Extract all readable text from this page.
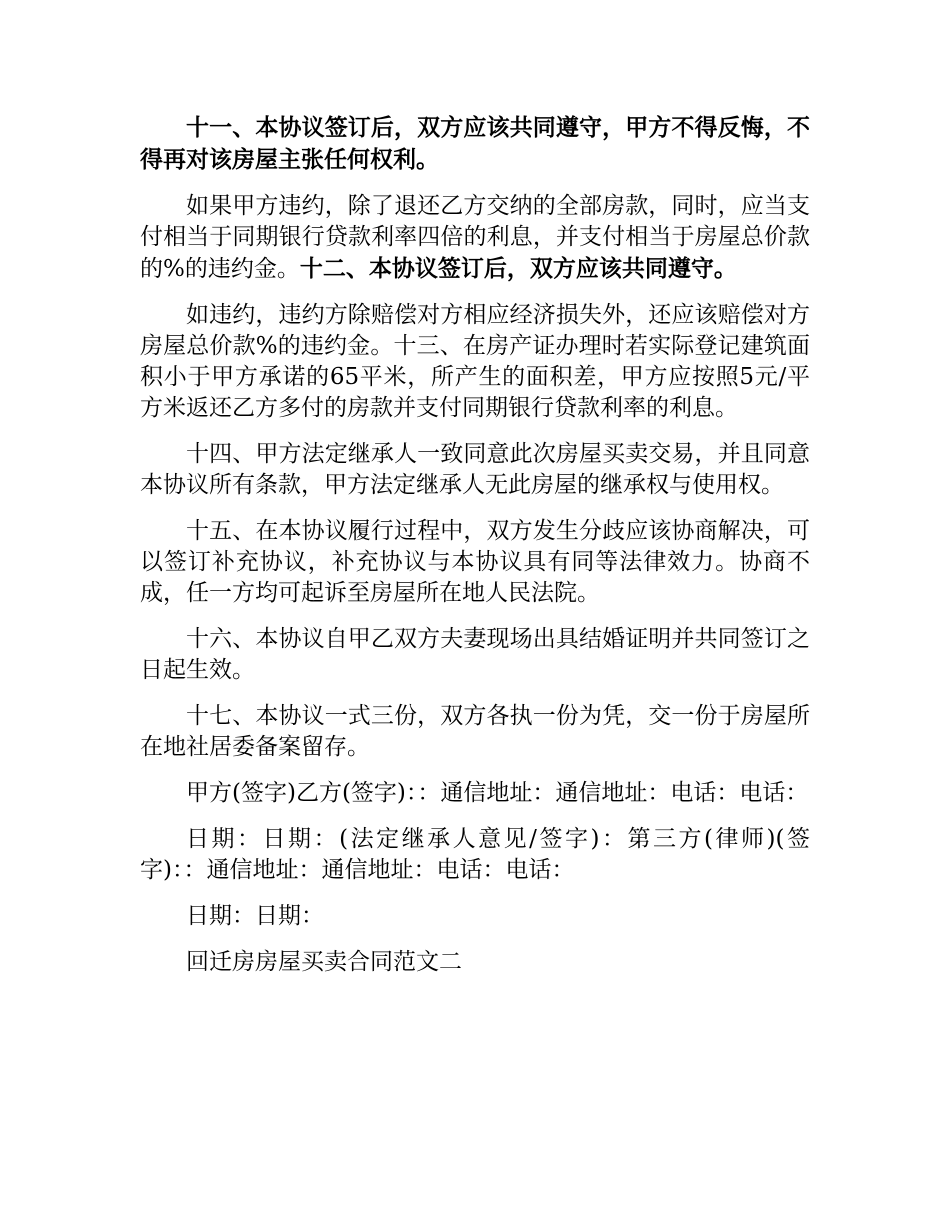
十一、本协议签订后，双方应该共同遵守，甲方不得反悔，不得再对该房屋主张任何权利。

如果甲方违约，除了退还乙方交纳的全部房款，同时，应当支付相当于同期银行贷款利率四倍的利息，并支付相当于房屋总价款的%的违约金。十二、本协议签订后，双方应该共同遵守。

如违约，违约方除赔偿对方相应经济损失外，还应该赔偿对方房屋总价款%的违约金。十三、在房产证办理时若实际登记建筑面积小于甲方承诺的65平米，所产生的面积差，甲方应按照5元/平方米返还乙方多付的房款并支付同期银行贷款利率的利息。

十四、甲方法定继承人一致同意此次房屋买卖交易，并且同意本协议所有条款，甲方法定继承人无此房屋的继承权与使用权。

十五、在本协议履行过程中，双方发生分歧应该协商解决，可以签订补充协议，补充协议与本协议具有同等法律效力。协商不成，任一方均可起诉至房屋所在地人民法院。

十六、本协议自甲乙双方夫妻现场出具结婚证明并共同签订之日起生效。

十七、本协议一式三份，双方各执一份为凭，交一份于房屋所在地社居委备案留存。

甲方(签字)乙方(签字)：：通信地址：通信地址：电话：电话：

日期：日期：(法定继承人意见/签字)：第三方(律师)(签字)：：通信地址：通信地址：电话：电话：

日期：日期：

回迁房房屋买卖合同范文二
